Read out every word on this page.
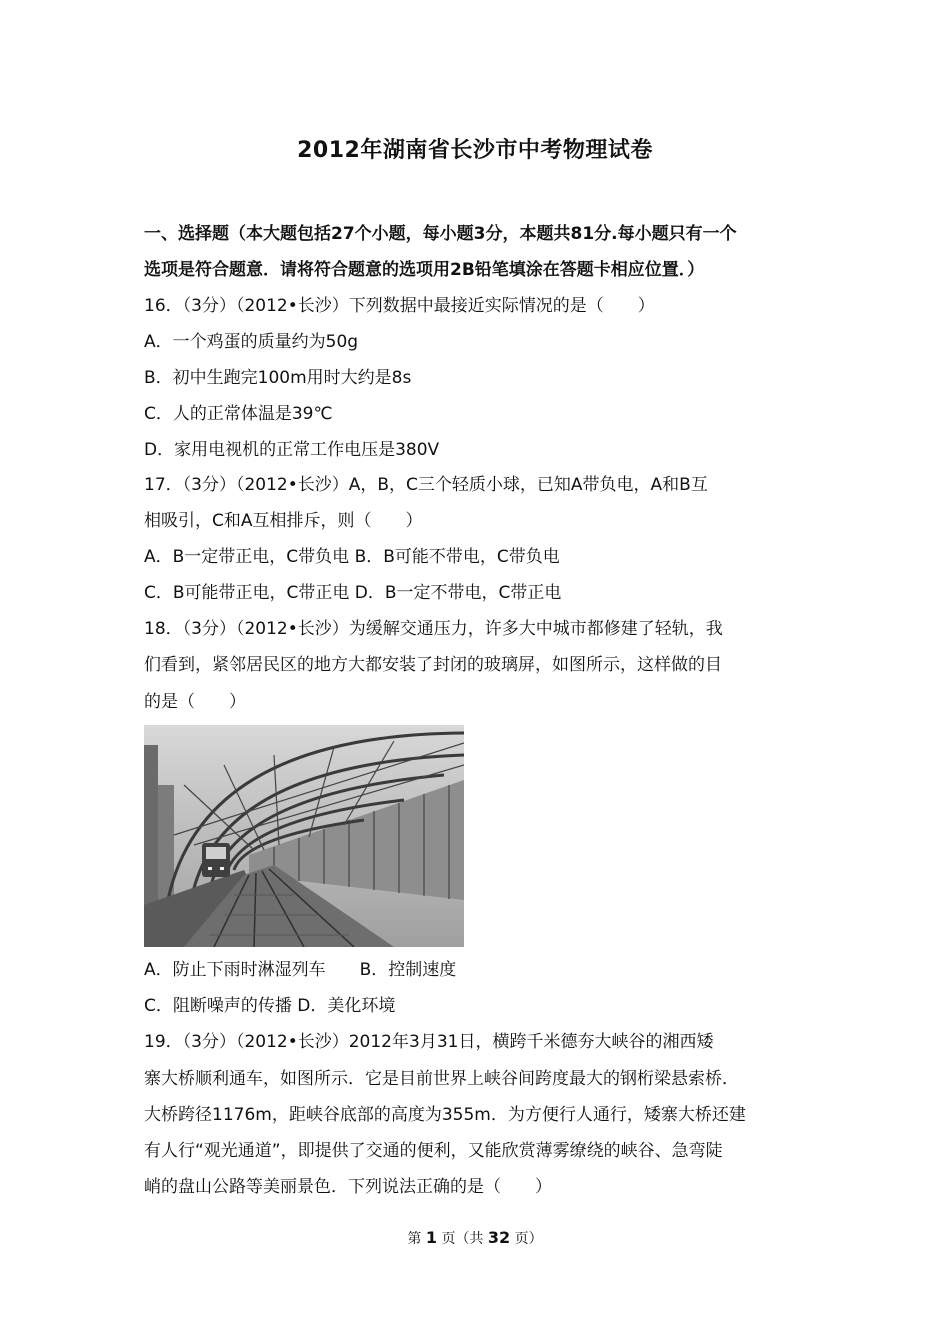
2012年湖南省长沙市中考物理试卷
一、选择题（本大题包括27个小题，每小题3分，本题共81分.每小题只有一个
选项是符合题意．请将符合题意的选项用2B铅笔填涂在答题卡相应位置．）
16．（3分）（2012•长沙）下列数据中最接近实际情况的是（　　）
A．一个鸡蛋的质量约为50g
B．初中生跑完100m用时大约是8s
C．人的正常体温是39℃
D．家用电视机的正常工作电压是380V
17．（3分）（2012•长沙）A，B，C三个轻质小球，已知A带负电，A和B互
相吸引，C和A互相排斥，则（　　）
A．B一定带正电，C带负电 B．B可能不带电，C带负电
C．B可能带正电，C带正电 D．B一定不带电，C带正电
18．（3分）（2012•长沙）为缓解交通压力，许多大中城市都修建了轻轨，我
们看到，紧邻居民区的地方大都安装了封闭的玻璃屏，如图所示，这样做的目
的是（　　）
A．防止下雨时淋湿列车　　B．控制速度
C．阻断噪声的传播 D．美化环境
19．（3分）（2012•长沙）2012年3月31日，横跨千米德夯大峡谷的湘西矮
寨大桥顺利通车，如图所示．它是目前世界上峡谷间跨度最大的钢桁梁悬索桥．
大桥跨径1176m，距峡谷底部的高度为355m．为方便行人通行，矮寨大桥还建
有人行“观光通道”，即提供了交通的便利，又能欣赏薄雾缭绕的峡谷、急弯陡
峭的盘山公路等美丽景色．下列说法正确的是（　　）
第 1 页（共 32 页）
